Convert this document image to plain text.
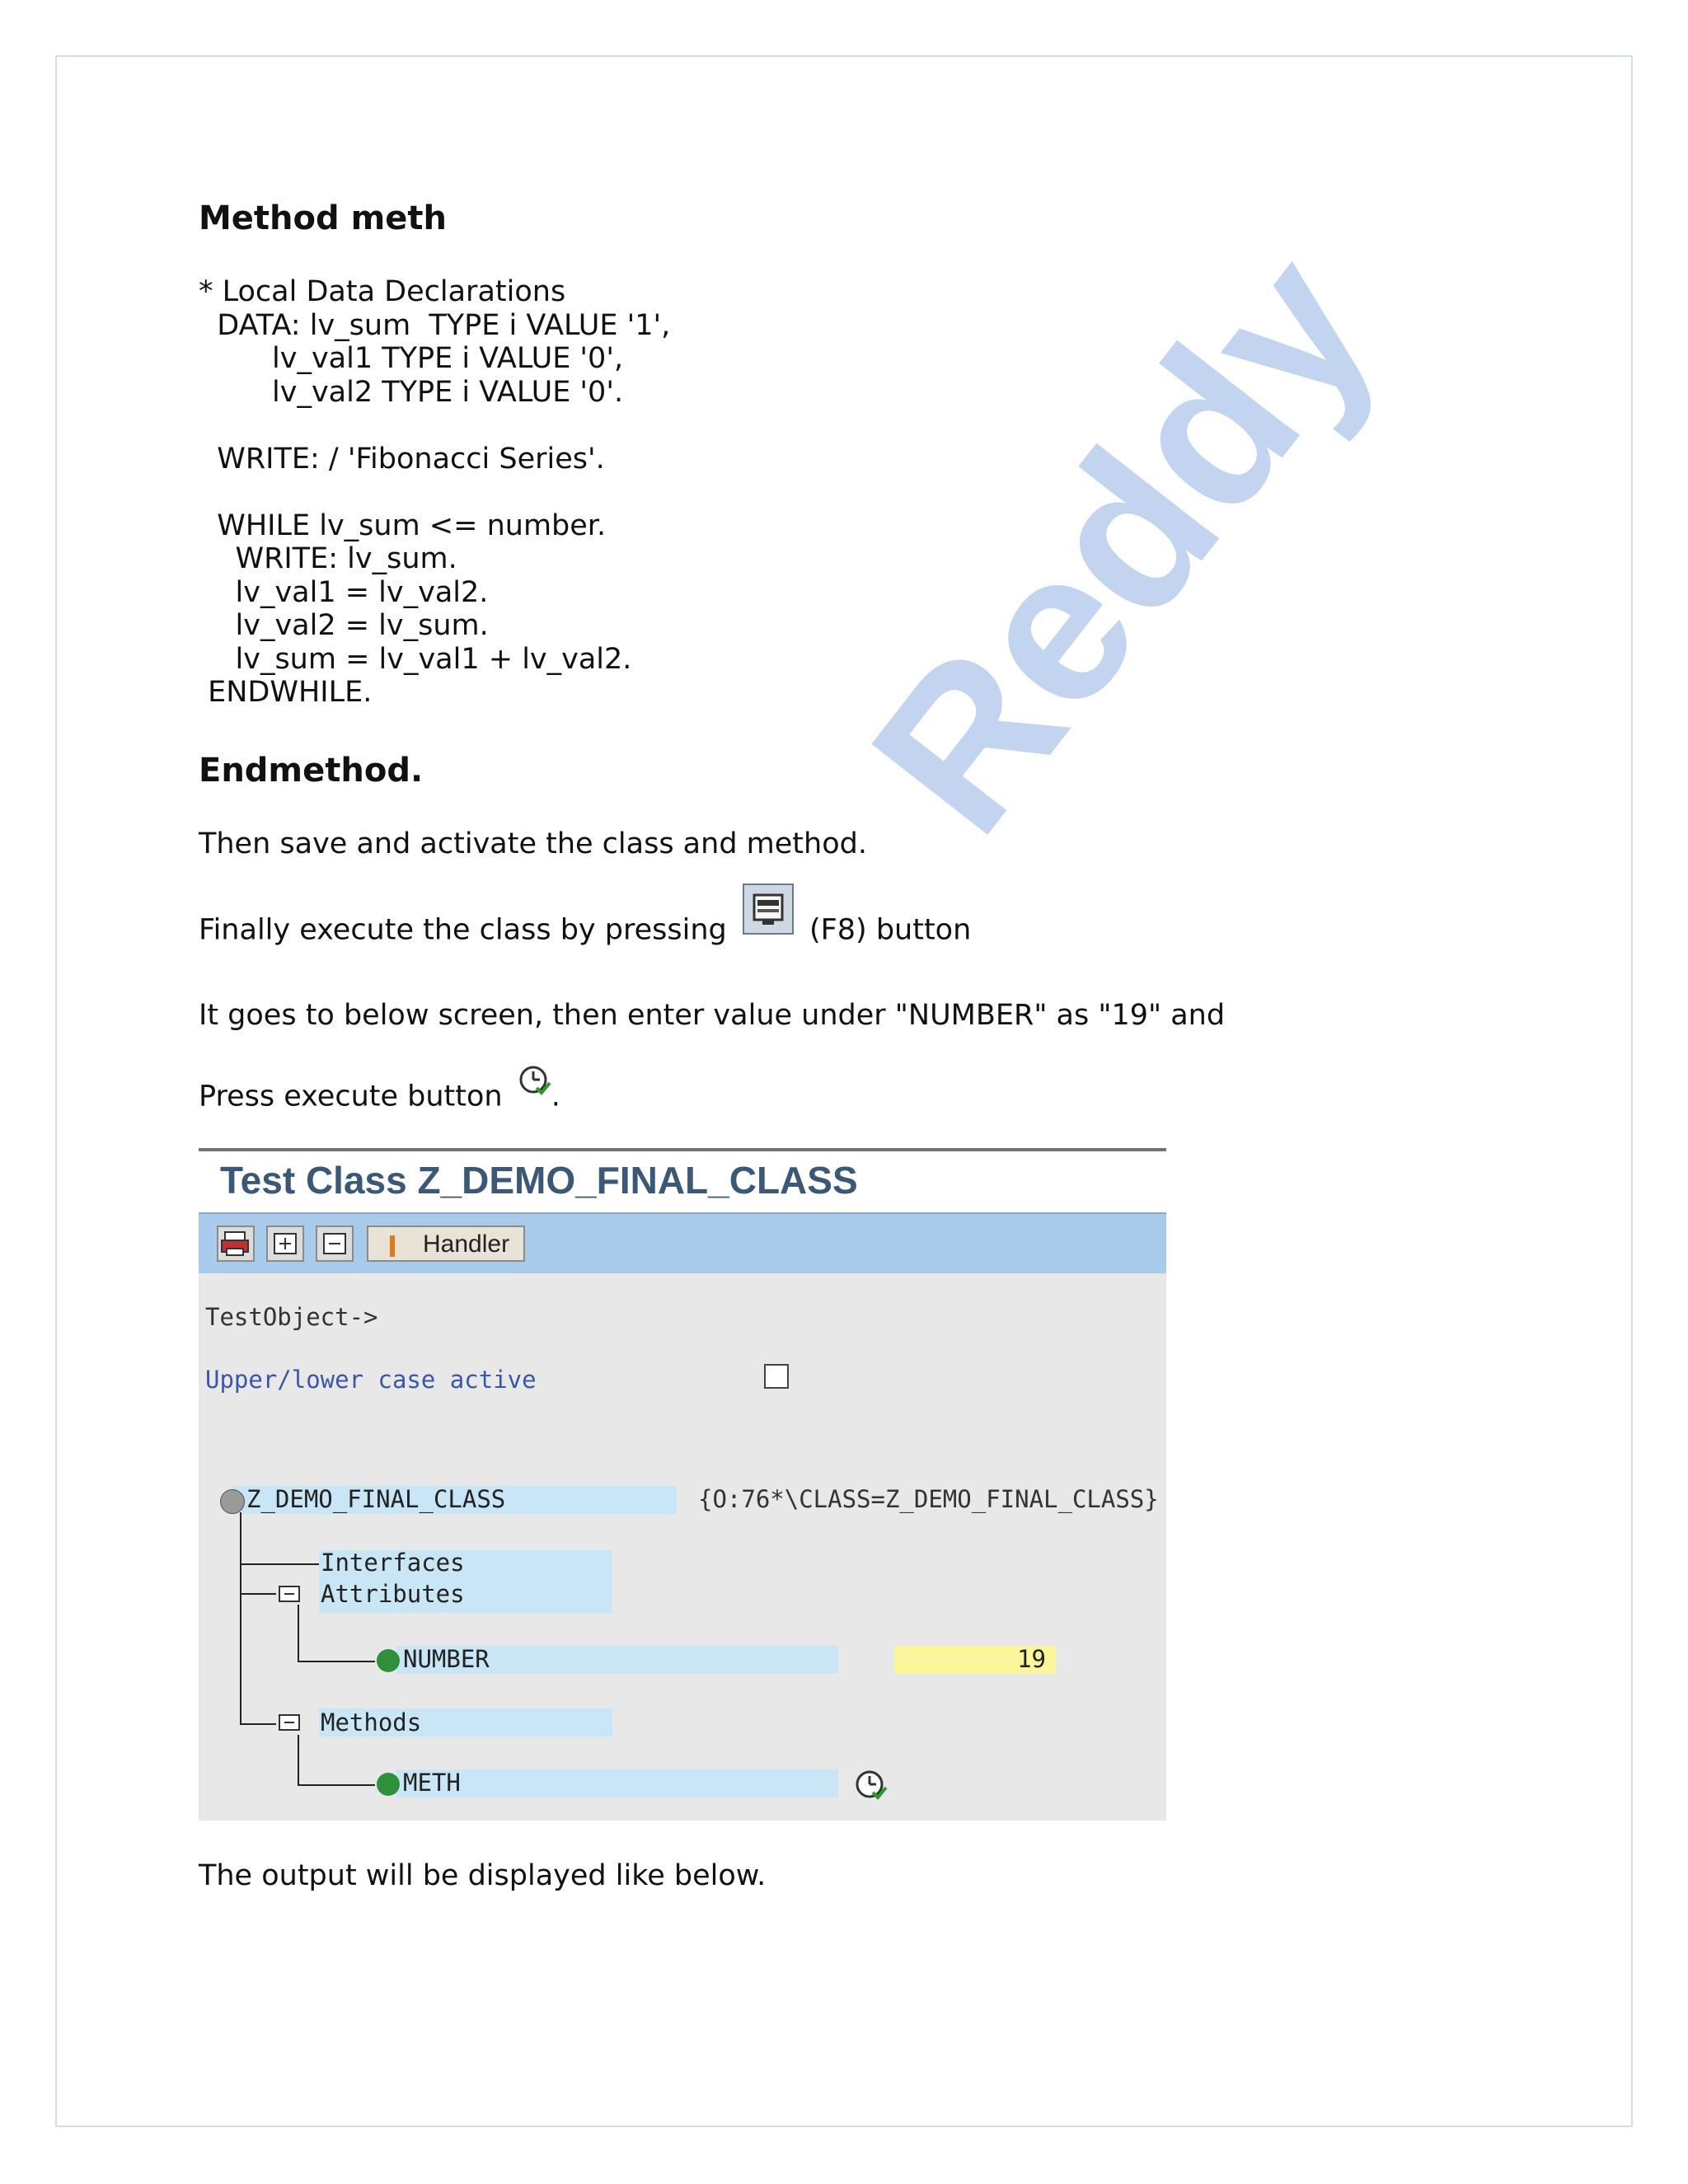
Reddy
Method meth
* Local Data Declarations
DATA: lv_sum  TYPE i VALUE '1',
lv_val1 TYPE i VALUE '0',
lv_val2 TYPE i VALUE '0'.

WRITE: / 'Fibonacci Series'.

WHILE lv_sum <= number.
WRITE: lv_sum.
lv_val1 = lv_val2.
lv_val2 = lv_sum.
lv_sum = lv_val1 + lv_val2.
ENDWHILE.
Endmethod.

Then save and activate the class and method.

Finally execute the class by pressing	(F8) button

It goes to below screen, then enter value under "NUMBER" as "19" and

Press execute button .

Test Class Z_DEMO_FINAL_CLASS
Handler
TestObject->
Upper/lower case active
Z_DEMO_FINAL_CLASS	{O:76*\CLASS=Z_DEMO_FINAL_CLASS}
Interfaces
Attributes
NUMBER	19
Methods
METH

The output will be displayed like below.
